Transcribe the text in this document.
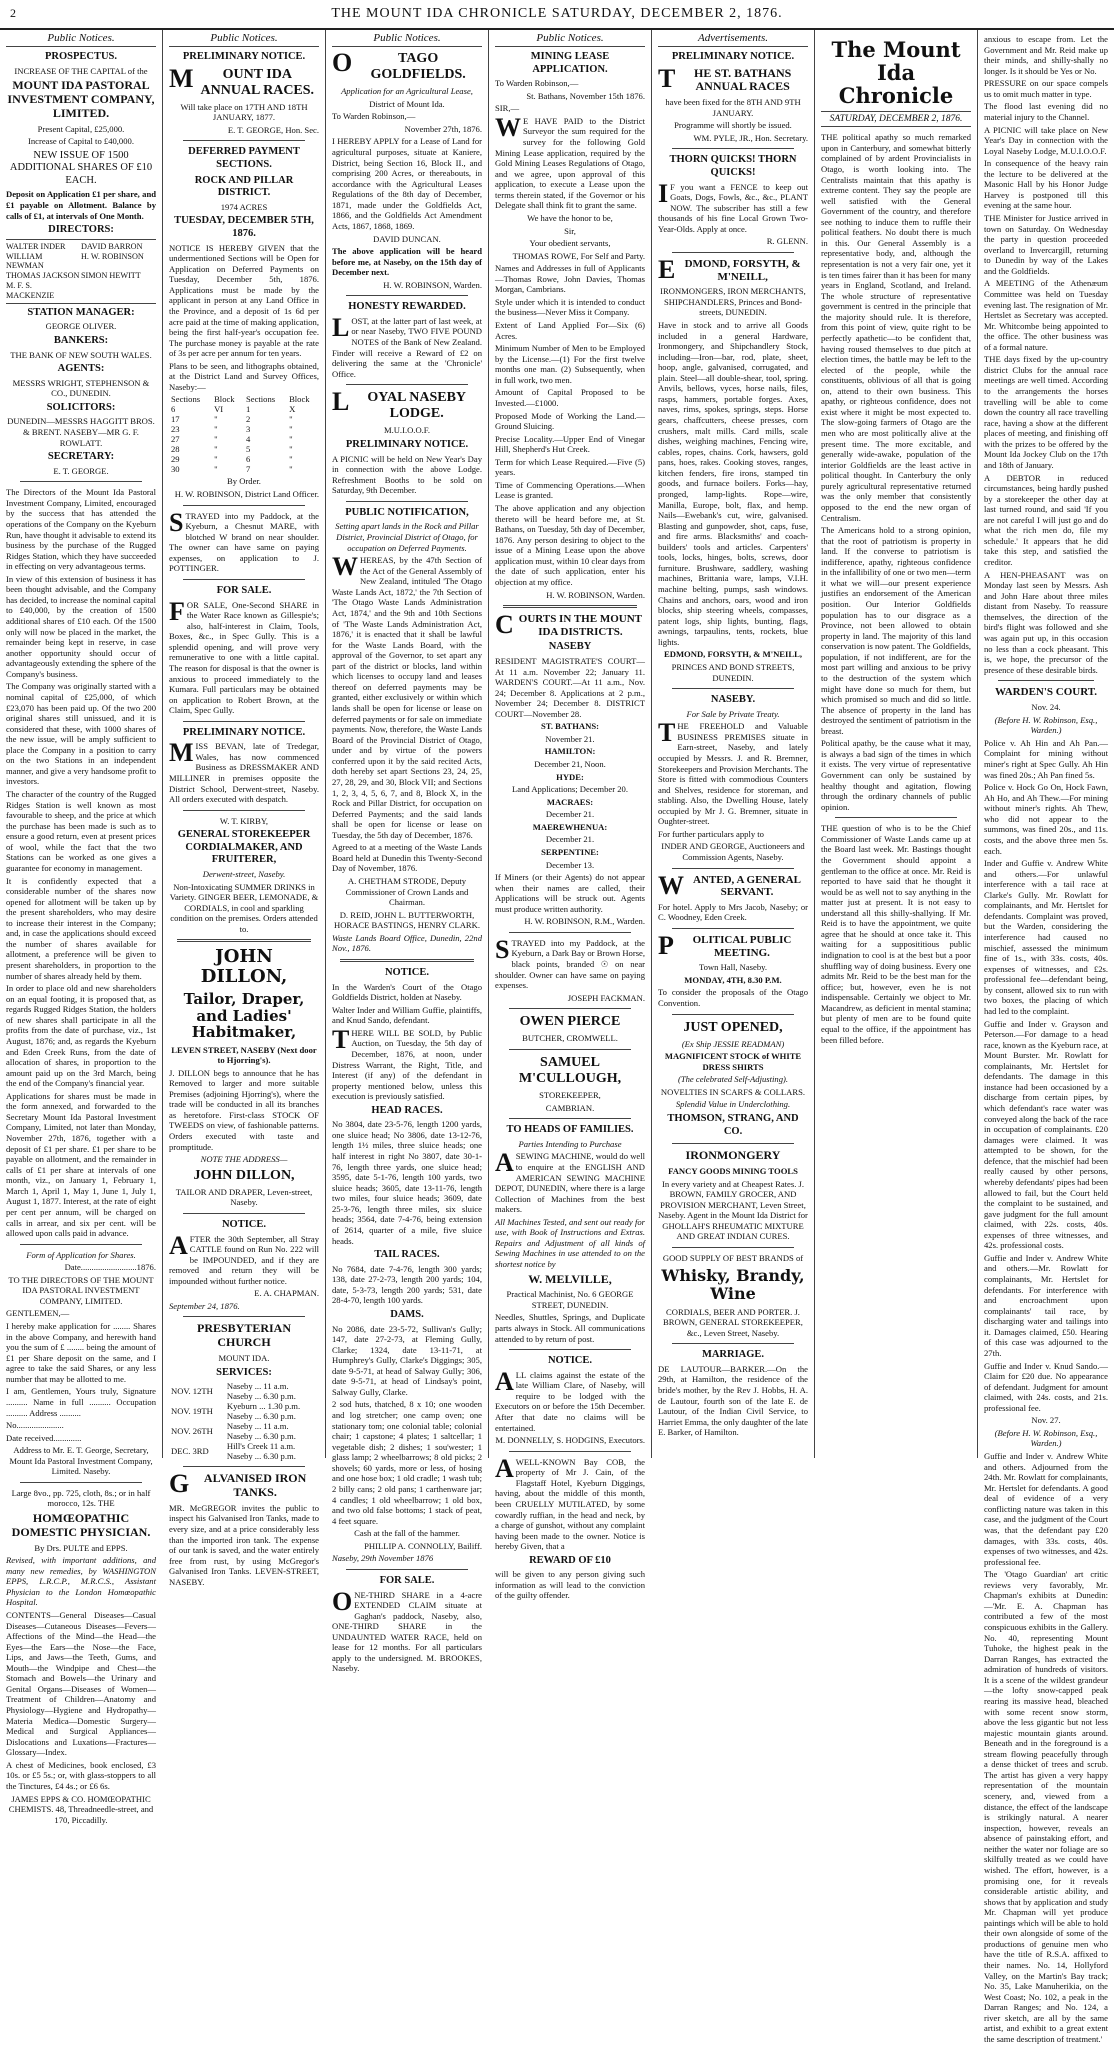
2	THE MOUNT IDA CHRONICLE SATURDAY, DECEMBER 2, 1876.
Public Notices.
PROSPECTUS.
INCREASE OF THE CAPITAL of the
MOUNT IDA PASTORAL INVESTMENT COMPANY, LIMITED.
Present Capital, £25,000.
Increase of Capital to £40,000.
NEW ISSUE OF 1500 ADDITIONAL SHARES OF £10 EACH.
Deposit on Application £1 per share, and £1 payable on Allotment. Balance by calls of £1, at intervals of One Month.
DIRECTORS:
WALTER INDER	DAVID BARRON
WILLIAM NEWMAN
H. W. ROBINSON
THOMAS JACKSON SIMON HEWITT
M. F. S. MACKENZIE
STATION MANAGER:
GEORGE OLIVER.
BANKERS:
THE BANK OF NEW SOUTH WALES.
AGENTS:
MESSRS WRIGHT, STEPHENSON & CO., DUNEDIN.
SOLICITORS:
DUNEDIN—MESSRS HAGGITT BROS. & BRENT. NASEBY—MR G. F. ROWLATT.
SECRETARY:
E. T. GEORGE.
The Directors of the Mount Ida Pastoral Investment Company, Limited, encouraged by the success that has attended the operations of the Company on the Kyeburn Run, have thought it advisable to extend its business by the purchase of the Rugged Ridges Station, which they have succeeded in effecting on very advantageous terms.
In view of this extension of business it has been thought advisable, and the Company has decided, to increase the nominal capital to £40,000, by the creation of 1500 additional shares of £10 each. Of the 1500 only will now be placed in the market, the remainder being kept in reserve, in case another opportunity should occur of advantageously extending the sphere of the Company's business.
The Company was originally started with a nominal capital of £25,000, of which £23,070 has been paid up. Of the two 200 original shares still unissued, and it is considered that these, with 1000 shares of the new issue, will be amply sufficient to place the Company in a position to carry on the two Stations in an independent manner, and give a very handsome profit to investors.
The character of the country of the Rugged Ridges Station is well known as most favourable to sheep, and the price at which the purchase has been made is such as to ensure a good return, even at present prices of wool, while the fact that the two Stations can be worked as one gives a guarantee for economy in management.
It is confidently expected that a considerable number of the shares now opened for allotment will be taken up by the present shareholders, who may desire to increase their interest in the Company; and, in case the applications should exceed the number of shares available for allotment, a preference will be given to present shareholders, in proportion to the number of shares already held by them.
In order to place old and new shareholders on an equal footing, it is proposed that, as regards Rugged Ridges Station, the holders of new shares shall participate in all the profits from the date of purchase, viz., 1st August, 1876; and, as regards the Kyeburn and Eden Creek Runs, from the date of allocation of shares, in proportion to the amount paid up on the 3rd March, being the end of the Company's financial year.
Applications for shares must be made in the form annexed, and forwarded to the Secretary Mount Ida Pastoral Investment Company, Limited, not later than Monday, November 27th, 1876, together with a deposit of £1 per share. £1 per share to be payable on allotment, and the remainder in calls of £1 per share at intervals of one month, viz., on January 1, February 1, March 1, April 1, May 1, June 1, July 1, August 1, 1877. Interest, at the rate of eight per cent per annum, will be charged on calls in arrear, and six per cent. will be allowed upon calls paid in advance.
Form of Application for Shares.
Date..........................1876.
TO THE DIRECTORS OF THE MOUNT IDA PASTORAL INVESTMENT COMPANY, LIMITED.
GENTLEMEN,—
I hereby make application for ........ Shares in the above Company, and herewith hand you the sum of £ ........ being the amount of £1 per Share deposit on the same, and I agree to take the said Shares, or any less number that may be allotted to me.
I am, Gentlemen, Yours truly, Signature .......... Name in full .......... Occupation .......... Address ..........
No......................
Date received.............
Address to Mr. E. T. George, Secretary, Mount Ida Pastoral Investment Company, Limited. Naseby.
Large 8vo., pp. 725, cloth, 8s.; or in half morocco, 12s. THE
HOMŒOPATHIC DOMESTIC PHYSICIAN.
By Drs. PULTE and EPPS.
Revised, with important additions, and many new remedies, by WASHINGTON EPPS, L.R.C.P., M.R.C.S., Assistant Physician to the London Homœopathic Hospital.
CONTENTS—General Diseases—Casual Diseases—Cutaneous Diseases—Fevers—Affections of the Mind—the Head—the Eyes—the Ears—the Nose—the Face, Lips, and Jaws—the Teeth, Gums, and Mouth—the Windpipe and Chest—the Stomach and Bowels—the Urinary and Genital Organs—Diseases of Women—Treatment of Children—Anatomy and Physiology—Hygiene and Hydropathy—Materia Medica—Domestic Surgery—Medical and Surgical Appliances—Dislocations and Luxations—Fractures—Glossary—Index.
A chest of Medicines, book enclosed, £3 10s. or £5 5s.; or, with glass-stoppers to all the Tinctures, £4 4s.; or £6 6s.
JAMES EPPS & CO. HOMŒOPATHIC CHEMISTS. 48, Threadneedle-street, and 170, Piccadilly.
Public Notices.
PRELIMINARY NOTICE.
MOUNT IDA ANNUAL RACES.
Will take place on 17TH AND 18TH JANUARY, 1877.
E. T. GEORGE, Hon. Sec.
DEFERRED PAYMENT SECTIONS.
ROCK AND PILLAR DISTRICT.
1974 ACRES
TUESDAY, DECEMBER 5TH, 1876.
NOTICE IS HEREBY GIVEN that the undermentioned Sections will be Open for Application on Deferred Payments on Tuesday, December 5th, 1876. Applications must be made by the applicant in person at any Land Office in the Province, and a deposit of 1s 6d per acre paid at the time of making application, being the first half-year's occupation fee. The purchase money is payable at the rate of 3s per acre per annum for ten years.
Plans to be seen, and lithographs obtained, at the District Land and Survey Offices, Naseby:—
Sections	Block	Sections	Block
6	VI	1	X
17	"	2	"
23	"	3	"
27	"	4	"
28	"	5	"
29	"	6	"
30	"	7	"
By Order.
H. W. ROBINSON, District Land Officer.
STRAYED into my Paddock, at the Kyeburn, a Chesnut MARE, with blotched W brand on near shoulder. The owner can have same on paying expenses, on application to J. POTTINGER.
FOR SALE.
FOR SALE, One-Second SHARE in the Water Race known as Gillespie's; also, half-interest in Claim, Tools, Boxes, &c., in Spec Gully. This is a splendid opening, and will prove very remunerative to one with a little capital. The reason for disposal is that the owner is anxious to proceed immediately to the Kumara. Full particulars may be obtained on application to Robert Brown, at the Claim, Spec Gully.
PRELIMINARY NOTICE.
MISS BEVAN, late of Tredegar, Wales, has now commenced Business as DRESSMAKER AND MILLINER in premises opposite the District School, Derwent-street, Naseby. All orders executed with despatch.
W. T. KIRBY,
GENERAL STOREKEEPER CORDIALMAKER, AND FRUITERER,
Derwent-street, Naseby.
Non-Intoxicating SUMMER DRINKS in Variety. GINGER BEER, LEMONADE, & CORDIALS, in cool and sparkling condition on the premises. Orders attended to.
JOHN DILLON,
Tailor, Draper, and Ladies' Habitmaker,
LEVEN STREET, NASEBY (Next door to Hjorring's).
J. DILLON begs to announce that he has Removed to larger and more suitable Premises (adjoining Hjorring's), where the trade will be conducted in all its branches as heretofore. First-class STOCK OF TWEEDS on view, of fashionable patterns. Orders executed with taste and promptitude.
NOTE THE ADDRESS—
JOHN DILLON,
TAILOR AND DRAPER, Leven-street, Naseby.
NOTICE.
AFTER the 30th September, all Stray CATTLE found on Run No. 222 will be IMPOUNDED, and if they are removed and return they will be impounded without further notice.
E. A. CHAPMAN.
September 24, 1876.
PRESBYTERIAN CHURCH
MOUNT IDA.
SERVICES:
NOV. 12TH	Naseby ... 11 a.m.
Naseby ... 6.30 p.m.
NOV. 19TH	Kyeburn ... 1.30 p.m.
Naseby ... 6.30 p.m.
NOV. 26TH	Naseby ... 11 a.m.
Naseby ... 6.30 p.m.
DEC. 3RD	Hill's Creek 11 a.m.
Naseby ... 6.30 p.m.
GALVANISED IRON TANKS.
MR. McGREGOR invites the public to inspect his Galvanised Iron Tanks, made to every size, and at a price considerably less than the imported iron tank. The expense of our tank is saved, and the water entirely free from rust, by using McGregor's Galvanised Iron Tanks. LEVEN-STREET, NASEBY.
Public Notices.
OTAGO GOLDFIELDS.
Application for an Agricultural Lease,
District of Mount Ida.
To Warden Robinson,—
November 27th, 1876.
I HEREBY APPLY for a Lease of Land for agricultural purposes, situate at Kaniere, District, being Section 16, Block II., and comprising 200 Acres, or thereabouts, in accordance with the Agricultural Leases Regulations of the 8th day of December, 1871, made under the Goldfields Act, 1866, and the Goldfields Act Amendment Acts, 1867, 1868, 1869.
DAVID DUNCAN.
The above application will be heard before me, at Naseby, on the 15th day of December next.
H. W. ROBINSON, Warden.
HONESTY REWARDED.
LOST, at the latter part of last week, at or near Naseby, TWO FIVE POUND NOTES of the Bank of New Zealand. Finder will receive a Reward of £2 on delivering the same at the 'Chronicle' Office.
LOYAL NASEBY LODGE.
M.U.I.O.O.F.
PRELIMINARY NOTICE.
A PICNIC will be held on New Year's Day in connection with the above Lodge. Refreshment Booths to be sold on Saturday, 9th December.
PUBLIC NOTIFICATION,
Setting apart lands in the Rock and Pillar District, Provincial District of Otago, for occupation on Deferred Payments.
WHEREAS, by the 47th Section of the Act of the General Assembly of New Zealand, intituled 'The Otago Waste Lands Act, 1872,' the 7th Section of 'The Otago Waste Lands Administration Act, 1874,' and the 9th and 10th Sections of 'The Waste Lands Administration Act, 1876,' it is enacted that it shall be lawful for the Waste Lands Board, with the approval of the Governor, to set apart any part of the district or blocks, land within which licenses to occupy land and leases thereof on deferred payments may be granted, either exclusively or within which lands shall be open for license or lease on deferred payments or for sale on immediate payments. Now, therefore, the Waste Lands Board of the Provincial District of Otago, under and by virtue of the powers conferred upon it by the said recited Acts, doth hereby set apart Sections 23, 24, 25, 27, 28, 29, and 30, Block VII; and Sections 1, 2, 3, 4, 5, 6, 7, and 8, Block X, in the Rock and Pillar District, for occupation on Deferred Payments; and the said lands shall be open for license or lease on Tuesday, the 5th day of December, 1876.
Agreed to at a meeting of the Waste Lands Board held at Dunedin this Twenty-Second Day of November, 1876.
A. CHETHAM STRODE, Deputy Commissioner of Crown Lands and Chairman.
D. REID, JOHN L. BUTTERWORTH, HORACE BASTINGS, HENRY CLARK.
Waste Lands Board Office, Dunedin, 22nd Nov., 1876.
NOTICE.
In the Warden's Court of the Otago Goldfields District, holden at Naseby.
Walter Inder and William Guffie, plaintiffs, and Knud Sando, defendant.
THERE WILL BE SOLD, by Public Auction, on Tuesday, the 5th day of December, 1876, at noon, under Distress Warrant, the Right, Title, and Interest (if any) of the defendant in property mentioned below, unless this execution is previously satisfied.
HEAD RACES.
No 3804, date 23-5-76, length 1200 yards, one sluice head; No 3806, date 13-12-76, length 1½ miles, three sluice heads; one half interest in right No 3807, date 30-1-76, length three yards, one sluice head; 3595, date 5-1-76, length 100 yards, two sluice heads; 3605, date 13-11-76, length two miles, four sluice heads; 3609, date 25-3-76, length three miles, six sluice heads; 3564, date 7-4-76, being extension of 2614, quarter of a mile, five sluice heads.
TAIL RACES.
No 7684, date 7-4-76, length 300 yards; 138, date 27-2-73, length 200 yards; 104, date, 5-3-73, length 200 yards; 531, date 28-4-70, length 100 yards.
DAMS.
No 2086, date 23-5-72, Sullivan's Gully; 147, date 27-2-73, at Fleming Gully, Clarke; 1324, date 13-11-71, at Humphrey's Gully, Clarke's Diggings; 305, date 9-5-71, at head of Salway Gully; 306, date 9-5-71, at head of Lindsay's point, Salway Gully, Clarke.
2 sod huts, thatched, 8 x 10; one wooden and log stretcher; one camp oven; one stationary tom; one colonial table; colonial chair; 1 capstone; 4 plates; 1 saltcellar; 1 vegetable dish; 2 dishes; 1 sou'wester; 1 glass lamp; 2 wheelbarrows; 8 old picks; 2 shovels; 60 yards, more or less, of hosing and one hose box; 1 old cradle; 1 wash tub; 2 billy cans; 2 old pans; 1 carthenware jar; 4 candles; 1 old wheelbarrow; 1 old box, and two old false bottoms; 1 stack of peat, 4 feet square.
Cash at the fall of the hammer.
PHILLIP A. CONNOLLY, Bailiff.
Naseby, 29th November 1876
FOR SALE.
ONE-THIRD SHARE in a 4-acre EXTENDED CLAIM situate at Gaghan's paddock, Naseby, also, ONE-THIRD SHARE in the UNDAUNTED WATER RACE, held on lease for 12 months. For all particulars apply to the undersigned. M. BROOKES, Naseby.
Public Notices.
MINING LEASE APPLICATION.
To Warden Robinson,—
St. Bathans, November 15th 1876.
SIR,—
WE HAVE PAID to the District Surveyor the sum required for the survey for the following Gold Mining Lease application, required by the Gold Mining Leases Regulations of Otago, and we agree, upon approval of this application, to execute a Lease upon the terms therein stated, if the Governor or his Delegate shall think fit to grant the same.
We have the honor to be,
Sir,
Your obedient servants,
THOMAS ROWE, For Self and Party.
Names and Addresses in full of Applicants—Thomas Rowe, John Davies, Thomas Morgan, Cambrians.
Style under which it is intended to conduct the business—Never Miss it Company.
Extent of Land Applied For—Six (6) Acres.
Minimum Number of Men to be Employed by the License.—(1) For the first twelve months one man. (2) Subsequently, when in full work, two men.
Amount of Capital Proposed to be Invested.—£1000.
Proposed Mode of Working the Land.—Ground Sluicing.
Precise Locality.—Upper End of Vinegar Hill, Shepherd's Hut Creek.
Term for which Lease Required.—Five (5) years.
Time of Commencing Operations.—When Lease is granted.
The above application and any objection thereto will be heard before me, at St. Bathans, on Tuesday, 5th day of December, 1876. Any person desiring to object to the issue of a Mining Lease upon the above application must, within 10 clear days from the date of such application, enter his objection at my office.
H. W. ROBINSON, Warden.
COURTS IN THE MOUNT IDA DISTRICTS.
NASEBY
RESIDENT MAGISTRATE'S COURT—At 11 a.m. November 22; January 11. WARDEN'S COURT.—At 11 a.m., Nov. 24; December 8. Applications at 2 p.m., November 24; December 8. DISTRICT COURT—November 28.
ST. BATHANS:
November 21.
HAMILTON:
December 21, Noon.
HYDE:
Land Applications; December 20.
MACRAES:
December 21.
MAEREWHENUA:
December 21.
SERPENTINE:
December 13.
If Miners (or their Agents) do not appear when their names are called, their Applications will be struck out. Agents must produce written authority.
H. W. ROBINSON, R.M., Warden.
STRAYED into my Paddock, at the Kyeburn, a Dark Bay or Brown Horse, black points, branded ☉ on near shoulder. Owner can have same on paying expenses.
JOSEPH FACKMAN.
OWEN PIERCE
BUTCHER, CROMWELL.
SAMUEL M'CULLOUGH,
STOREKEEPER,
CAMBRIAN.
TO HEADS OF FAMILIES.
Parties Intending to Purchase
ASEWING MACHINE, would do well to enquire at the ENGLISH AND AMERICAN SEWING MACHINE DEPOT, DUNEDIN, where there is a large Collection of Machines from the best makers.
All Machines Tested, and sent out ready for use, with Book of Instructions and Extras. Repairs and Adjustment of all kinds of Sewing Machines in use attended to on the shortest notice by
W. MELVILLE,
Practical Machinist, No. 6 GEORGE STREET, DUNEDIN.
Needles, Shuttles, Springs, and Duplicate parts always in Stock. All communications attended to by return of post.
NOTICE.
ALL claims against the estate of the late William Clare, of Naseby, will require to be lodged with the Executors on or before the 15th December. After that date no claims will be entertained.
M. DONNELLY, S. HODGINS, Executors.
AWELL-KNOWN Bay COB, the property of Mr J. Cain, of the Flagstaff Hotel, Kyeburn Diggings, having, about the middle of this month, been CRUELLY MUTILATED, by some cowardly ruffian, in the head and neck, by a charge of gunshot, without any complaint having been made to the owner. Notice is hereby Given, that a
REWARD OF £10
will be given to any person giving such information as will lead to the conviction of the guilty offender.
Advertisements.
PRELIMINARY NOTICE.
THE ST. BATHANS ANNUAL RACES
have been fixed for the 8TH AND 9TH JANUARY.
Programme will shortly be issued.
WM. PYLE, JR., Hon. Secretary.
THORN QUICKS! THORN QUICKS!
IF you want a FENCE to keep out Goats, Dogs, Fowls, &c., &c., PLANT NOW. The subscriber has still a few thousands of his fine Local Grown Two-Year-Olds. Apply at once.
R. GLENN.
EDMOND, FORSYTH, & M'NEILL,
IRONMONGERS, IRON MERCHANTS, SHIPCHANDLERS, Princes and Bond-streets, DUNEDIN.
Have in stock and to arrive all Goods included in a general Hardware, Ironmongery, and Shipchandlery Stock, including—Iron—bar, rod, plate, sheet, hoop, angle, galvanised, corrugated, and plain. Steel—all double-shear, tool, spring. Anvils, bellows, vyces, horse nails, files, rasps, hammers, portable forges. Axes, naves, rims, spokes, springs, steps. Horse gears, chaffcutters, cheese presses, corn crushers, malt mills. Card mills, scale dishes, weighing machines, Fencing wire, cables, ropes, chains. Cork, hawsers, gold pans, hoes, rakes. Cooking stoves, ranges, kitchen fenders, fire irons, stamped tin goods, and furnace boilers. Forks—hay, pronged, lamp-lights. Rope—wire, Manilla, Europe, bolt, flax, and hemp. Nails—Ewebank's cut, wire, galvanised. Blasting and gunpowder, shot, caps, fuse, and fire arms. Blacksmiths' and coach-builders' tools and articles. Carpenters' tools, locks, hinges, bolts, screws, door furniture. Brushware, saddlery, washing machines, Brittania ware, lamps, V.I.H. machine belting, pumps, sash windows. Chains and anchors, oars, wood and iron blocks, ship steering wheels, compasses, patent logs, ship lights, bunting, flags, awnings, tarpaulins, tents, rockets, blue lights.
EDMOND, FORSYTH, & M'NEILL,
PRINCES AND BOND STREETS, DUNEDIN.
NASEBY.
For Sale by Private Treaty.
THE FREEHOLD and Valuable BUSINESS PREMISES situate in Earn-street, Naseby, and lately occupied by Messrs. J. and R. Bremner, Storekeepers and Provision Merchants. The Store is fitted with commodious Counters and Shelves, residence for storeman, and stabling. Also, the Dwelling House, lately occupied by Mr J. G. Bremner, situate in Oughter-street.
For further particulars apply to
INDER AND GEORGE, Auctioneers and Commission Agents, Naseby.
WANTED, A GENERAL SERVANT.
For hotel. Apply to Mrs Jacob, Naseby; or C. Woodney, Eden Creek.
POLITICAL PUBLIC MEETING.
Town Hall, Naseby.
MONDAY, 4TH, 8.30 P.M.
To consider the proposals of the Otago Convention.
JUST OPENED,
(Ex Ship JESSIE READMAN)
MAGNIFICENT STOCK of WHITE DRESS SHIRTS
(The celebrated Self-Adjusting).
NOVELTIES IN SCARFS & COLLARS.
Splendid Value in Underclothing.
THOMSON, STRANG, AND CO.
IRONMONGERY
FANCY GOODS MINING TOOLS
In every variety and at Cheapest Rates. J. BROWN, FAMILY GROCER, AND PROVISION MERCHANT, Leven Street, Naseby. Agent in the Mount Ida District for GHOLLAH'S RHEUMATIC MIXTURE AND GREAT INDIAN CURES.
GOOD SUPPLY OF BEST BRANDS of
Whisky, Brandy, Wine
CORDIALS, BEER AND PORTER. J. BROWN, GENERAL STOREKEEPER, &c., Leven Street, Naseby.
MARRIAGE.
DE LAUTOUR—BARKER.—On the 29th, at Hamilton, the residence of the bride's mother, by the Rev J. Hobbs, H. A. de Lautour, fourth son of the late E. de Lautour, of the Indian Civil Service, to Harriet Emma, the only daughter of the late E. Barker, of Hamilton.
The Mount Ida Chronicle
SATURDAY, DECEMBER 2, 1876.
THE political apathy so much remarked upon in Canterbury, and somewhat bitterly complained of by ardent Provincialists in Otago, is worth looking into. The Centralists maintain that this apathy is extreme content. They say the people are well satisfied with the General Government of the country, and therefore see nothing to induce them to ruffle their political feathers. No doubt there is much in this. Our General Assembly is a representative body, and, although the representation is not a very fair one, yet it is ten times fairer than it has been for many years in England, Scotland, and Ireland. The whole structure of representative government is centred in the principle that the majority should rule. It is therefore, from this point of view, quite right to be perfectly apathetic—to be confident that, having roused themselves to due pitch at election times, the battle may be left to the elected of the people, while the constituents, oblivious of all that is going on, attend to their own business. This apathy, or righteous confidence, does not exist where it might be most expected to. The slow-going farmers of Otago are the men who are most politically alive at the present time. The more excitable, and generally wide-awake, population of the interior Goldfields are the least active in political thought. In Canterbury the only purely agricultural representative returned was the only member that consistently opposed to the end the new organ of Centralism.
The Americans hold to a strong opinion, that the root of patriotism is property in land. If the converse to patriotism is indifference, apathy, righteous confidence in the infallibility of one or two men—term it what we will—our present experience justifies an endorsement of the American position. Our Interior Goldfields population has to our disgrace as a Province, not been allowed to obtain property in land. The majority of this land conservation is now patent. The Goldfields, population, if not indifferent, are for the most part willing and anxious to be privy to the destruction of the system which might have done so much for them, but which promised so much and did so little. The absence of property in the land has destroyed the sentiment of patriotism in the breast.
Political apathy, be the cause what it may, is always a bad sign of the times in which it exists. The very virtue of representative Government can only be sustained by healthy thought and agitation, flowing through the ordinary channels of public opinion.
THE question of who is to be the Chief Commissioner of Waste Lands came up at the Board last week. Mr. Bastings thought the Government should appoint a gentleman to the office at once. Mr. Reid is reported to have said that he thought it would be as well not to say anything in the matter just at present. It is not easy to understand all this shilly-shallying. If Mr. Reid is to have the appointment, we quite agree that he should at once take it. This waiting for a supposititious public indignation to cool is at the best but a poor shuffling way of doing business. Every one admits Mr. Reid to be the best man for the office; but, however, even he is not indispensable. Certainly we object to Mr. Macandrew, as deficient in mental stamina; but plenty of men are to be found quite equal to the office, if the appointment has been filled before.
anxious to escape from. Let the Government and Mr. Reid make up their minds, and shilly-shally no longer. Is it should be Yes or No.
PRESSURE on our space compels us to omit much matter in type.
The flood last evening did no material injury to the Channel.
A PICNIC will take place on New Year's Day in connection with the Loyal Naseby Lodge, M.U.I.O.O.F.
In consequence of the heavy rain the lecture to be delivered at the Masonic Hall by his Honor Judge Harvey is postponed till this evening at the same hour.
THE Minister for Justice arrived in town on Saturday. On Wednesday the party in question proceeded overland to Invercargill, returning to Dunedin by way of the Lakes and the Goldfields.
A MEETING of the Athenæum Committee was held on Tuesday evening last. The resignation of Mr. Hertslet as Secretary was accepted. Mr. Whitcombe being appointed to the office. The other business was of a formal nature.
THE days fixed by the up-country district Clubs for the annual race meetings are well timed. According to the arrangements the horses travelling will be able to come down the country all race travelling race, having a show at the different places of meeting, and finishing off with the prizes to be offered by the Mount Ida Jockey Club on the 17th and 18th of January.
A DEBTOR in reduced circumstances, being hardly pushed by a storekeeper the other day at last turned round, and said 'If you are not careful I will just go and do what the rich men do, file my schedule.' It appears that he did take this step, and satisfied the creditor.
A HEN-PHEASANT was on Monday last seen by Messrs. Ash and John Hare about three miles distant from Naseby. To reassure themselves, the direction of the bird's flight was followed and she was again put up, in this occasion no less than a cock pheasant. This is, we hope, the precursor of the presence of these desirable birds.
WARDEN'S COURT.
Nov. 24.
(Before H. W. Robinson, Esq., Warden.)
Police v. Ah Hin and Ah Pan.—Complaint for mining without miner's right at Spec Gully. Ah Hin was fined 20s.; Ah Pan fined 5s.
Police v. Hock Go On, Hock Fawn, Ah Ho, and Ah Thew.—For mining without miner's rights. Ah Thew, who did not appear to the summons, was fined 20s., and 11s. costs, and the above three men 5s. each.
Inder and Guffie v. Andrew White and others.—For unlawful interference with a tail race at Clarke's Gully. Mr. Rowlatt for complainants, and Mr. Hertslet for defendants. Complaint was proved, but the Warden, considering the interference had caused no mischief, assessed the minimum fine of 1s., with 33s. costs, 40s. expenses of witnesses, and £2s. professional fee—defendant being, by consent, allowed six to run with two boxes, the placing of which had led to the complaint.
Guffie and Inder v. Grayson and Peterson.—For damage to a head race, known as the Kyeburn race, at Mount Burster. Mr. Rowlatt for complainants, Mr. Hertslet for defendants. The damage in this instance had been occasioned by a discharge from certain pipes, by which defendant's race water was conveyed along the back of the race in occupation of complainants. £20 damages were claimed. It was attempted to be shown, for the defence, that the mischief had been really caused by other persons, whereby defendants' pipes had been allowed to fail, but the Court held the complaint to be sustained, and gave judgment for the full amount claimed, with 22s. costs, 40s. expenses of three witnesses, and 42s. professional costs.
Guffie and Inder v. Andrew White and others.—Mr. Rowlatt for complainants, Mr. Hertslet for defendants. For interference with and encroachment upon complainants' tail race, by discharging water and tailings into it. Damages claimed, £50. Hearing of this case was adjourned to the 27th.
Guffie and Inder v. Knud Sando.—Claim for £20 due. No appearance of defendant. Judgment for amount claimed, with 24s. costs, and 21s. professional fee.
Nov. 27.
(Before H. W. Robinson, Esq., Warden.)
Guffie and Inder v. Andrew White and others. Adjourned from the 24th. Mr. Rowlatt for complainants, Mr. Hertslet for defendants. A good deal of evidence of a very conflicting nature was taken in this case, and the judgment of the Court was, that the defendant pay £20 damages, with 33s. costs, 40s. expenses of two witnesses, and 42s. professional fee.
The 'Otago Guardian' art critic reviews very favorably, Mr. Chapman's exhibits at Dunedin:—'Mr. E. A. Chapman has contributed a few of the most conspicuous exhibits in the Gallery. No. 40, representing Mount Tuhoke, the highest peak in the Darran Ranges, has extracted the admiration of hundreds of visitors. It is a scene of the wildest grandeur—the lofty snow-capped peak rearing its massive head, bleached with some recent snow storm, above the less gigantic but not less majestic mountain giants around. Beneath and in the foreground is a stream flowing peacefully through a dense thicket of trees and scrub. The artist has given a very happy representation of the mountain scenery, and, viewed from a distance, the effect of the landscape is strikingly natural. A nearer inspection, however, reveals an absence of painstaking effort, and neither the water nor foliage are so skilfully treated as we could have wished. The effort, however, is a promising one, for it reveals considerable artistic ability, and shows that by application and study Mr. Chapman will yet produce paintings which will be able to hold their own alongside of some of the productions of genuine men who have the title of R.S.A. affixed to their names. No. 14, Hollyford Valley, on the Martin's Bay track; No. 35, Lake Manuherikia, on the West Coast; No. 102, a peak in the Darran Ranges; and No. 124, a river sketch, are all by the same artist, and exhibit to a great extent the same description of treatment.'
